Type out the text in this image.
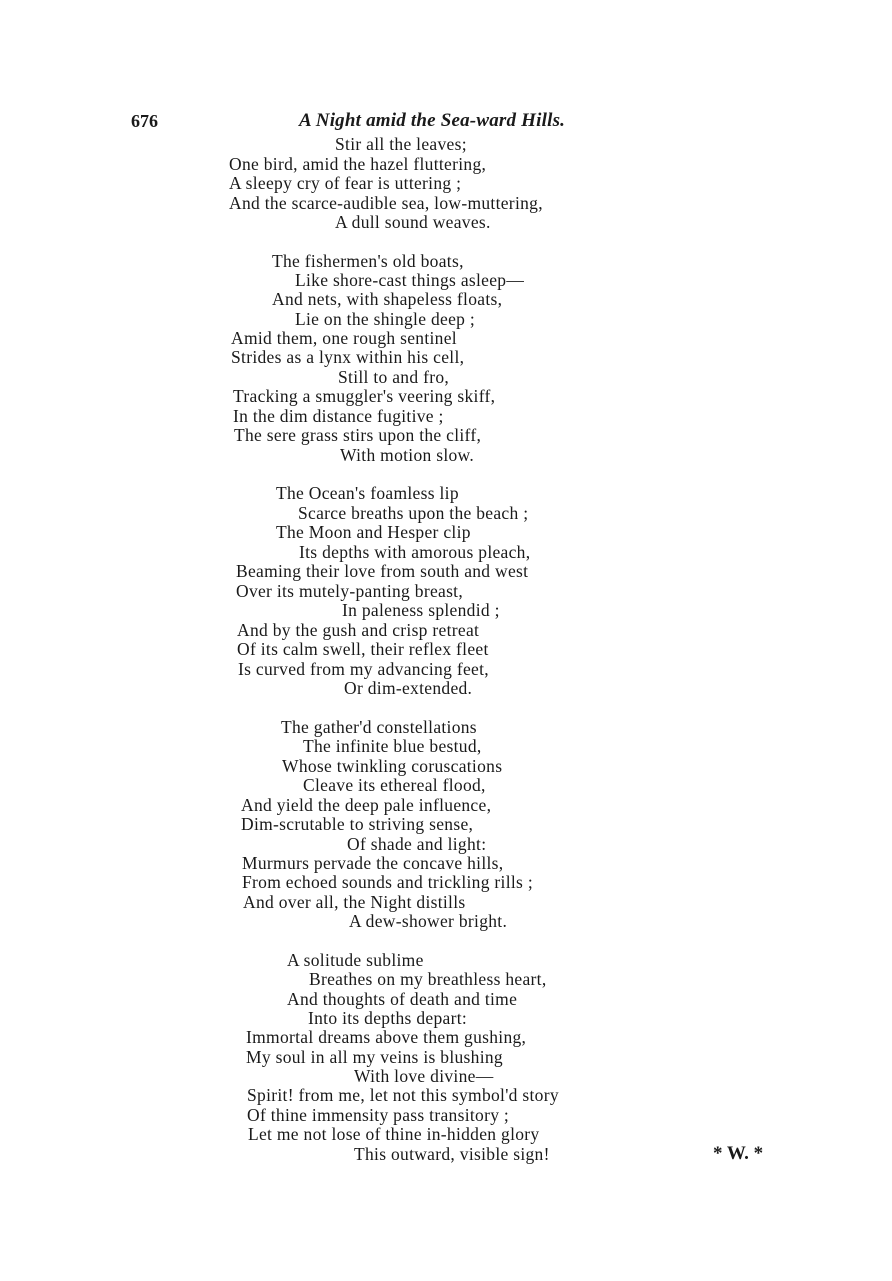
676	A Night amid the Sea-ward Hills.
Stir all the leaves;
One bird, amid the hazel fluttering,
A sleepy cry of fear is uttering ;
And the scarce-audible sea, low-muttering,
A dull sound weaves.
The fishermen's old boats,
Like shore-cast things asleep—
And nets, with shapeless floats,
Lie on the shingle deep ;
Amid them, one rough sentinel
Strides as a lynx within his cell,
Still to and fro,
Tracking a smuggler's veering skiff,
In the dim distance fugitive ;
The sere grass stirs upon the cliff,
With motion slow.
The Ocean's foamless lip
Scarce breaths upon the beach ;
The Moon and Hesper clip
Its depths with amorous pleach,
Beaming their love from south and west
Over its mutely-panting breast,
In paleness splendid ;
And by the gush and crisp retreat
Of its calm swell, their reflex fleet
Is curved from my advancing feet,
Or dim-extended.
The gather'd constellations
The infinite blue bestud,
Whose twinkling coruscations
Cleave its ethereal flood,
And yield the deep pale influence,
Dim-scrutable to striving sense,
Of shade and light:
Murmurs pervade the concave hills,
From echoed sounds and trickling rills ;
And over all, the Night distills
A dew-shower bright.
A solitude sublime
Breathes on my breathless heart,
And thoughts of death and time
Into its depths depart:
Immortal dreams above them gushing,
My soul in all my veins is blushing
With love divine—
Spirit! from me, let not this symbol'd story
Of thine immensity pass transitory ;
Let me not lose of thine in-hidden glory
This outward, visible sign!	* W. *
